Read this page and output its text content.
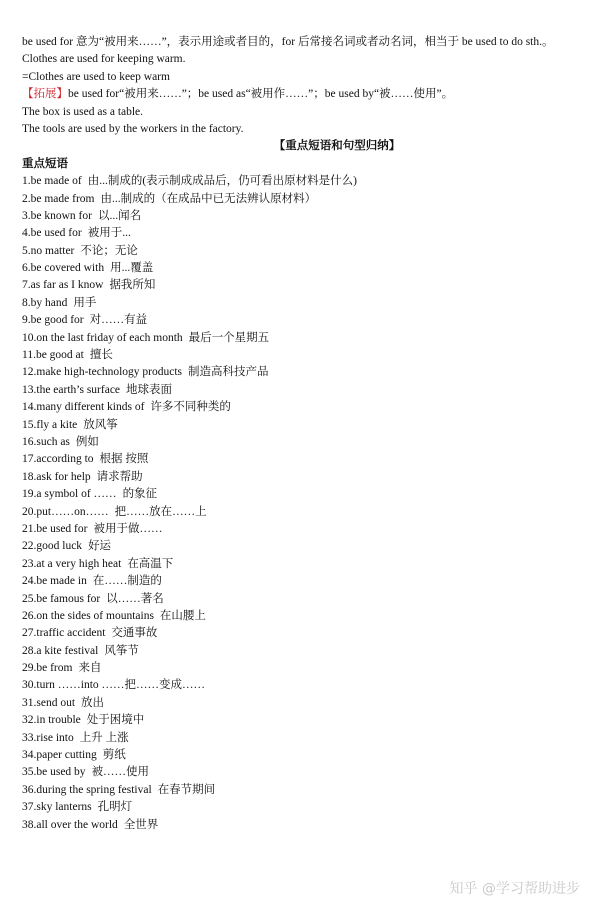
be used for 意为“被用来……”，表示用途或者目的，for 后常接名词或者动名词，相当于 be used to do sth.。
Clothes are used for keeping warm.
=Clothes are used to keep warm
【拓展】be used for“被用来……”；be used as“被用作……”；be used by“被……使用”。
The box is used as a table.
The tools are used by the workers in the factory.
【重点短语和句型归纳】
重点短语
1.be made of 由...制成的(表示制成成品后，仍可看出原材料是什么)
2.be made from 由...制成的（在成品中已无法辨认原材料）
3.be known for 以...闻名
4.be used for 被用于...
5.no matter 不论；无论
6.be covered with 用...覆盖
7.as far as I know 据我所知
8.by hand 用手
9.be good for 对……有益
10.on the last friday of each month 最后一个星期五
11.be good at 擅长
12.make high-technology products 制造高科技产品
13.the earth’s surface 地球表面
14.many different kinds of 许多不同种类的
15.fly a kite 放风筝
16.such as 例如
17.according to 根据 按照
18.ask for help 请求帮助
19.a symbol of …… 的象征
20.put……on…… 把……放在……上
21.be used for 被用于做……
22.good luck 好运
23.at a very high heat 在高温下
24.be made in 在……制造的
25.be famous for 以……著名
26.on the sides of mountains 在山腰上
27.traffic accident 交通事故
28.a kite festival 风筝节
29.be from 来自
30.turn ……into ……把……变成……
31.send out 放出
32.in trouble 处于困境中
33.rise into 上升 上涨
34.paper cutting 剪纸
35.be used by 被……使用
36.during the spring festival 在春节期间
37.sky lanterns 孔明灯
38.all over the world 全世界
知乎 @学习帮助进步
